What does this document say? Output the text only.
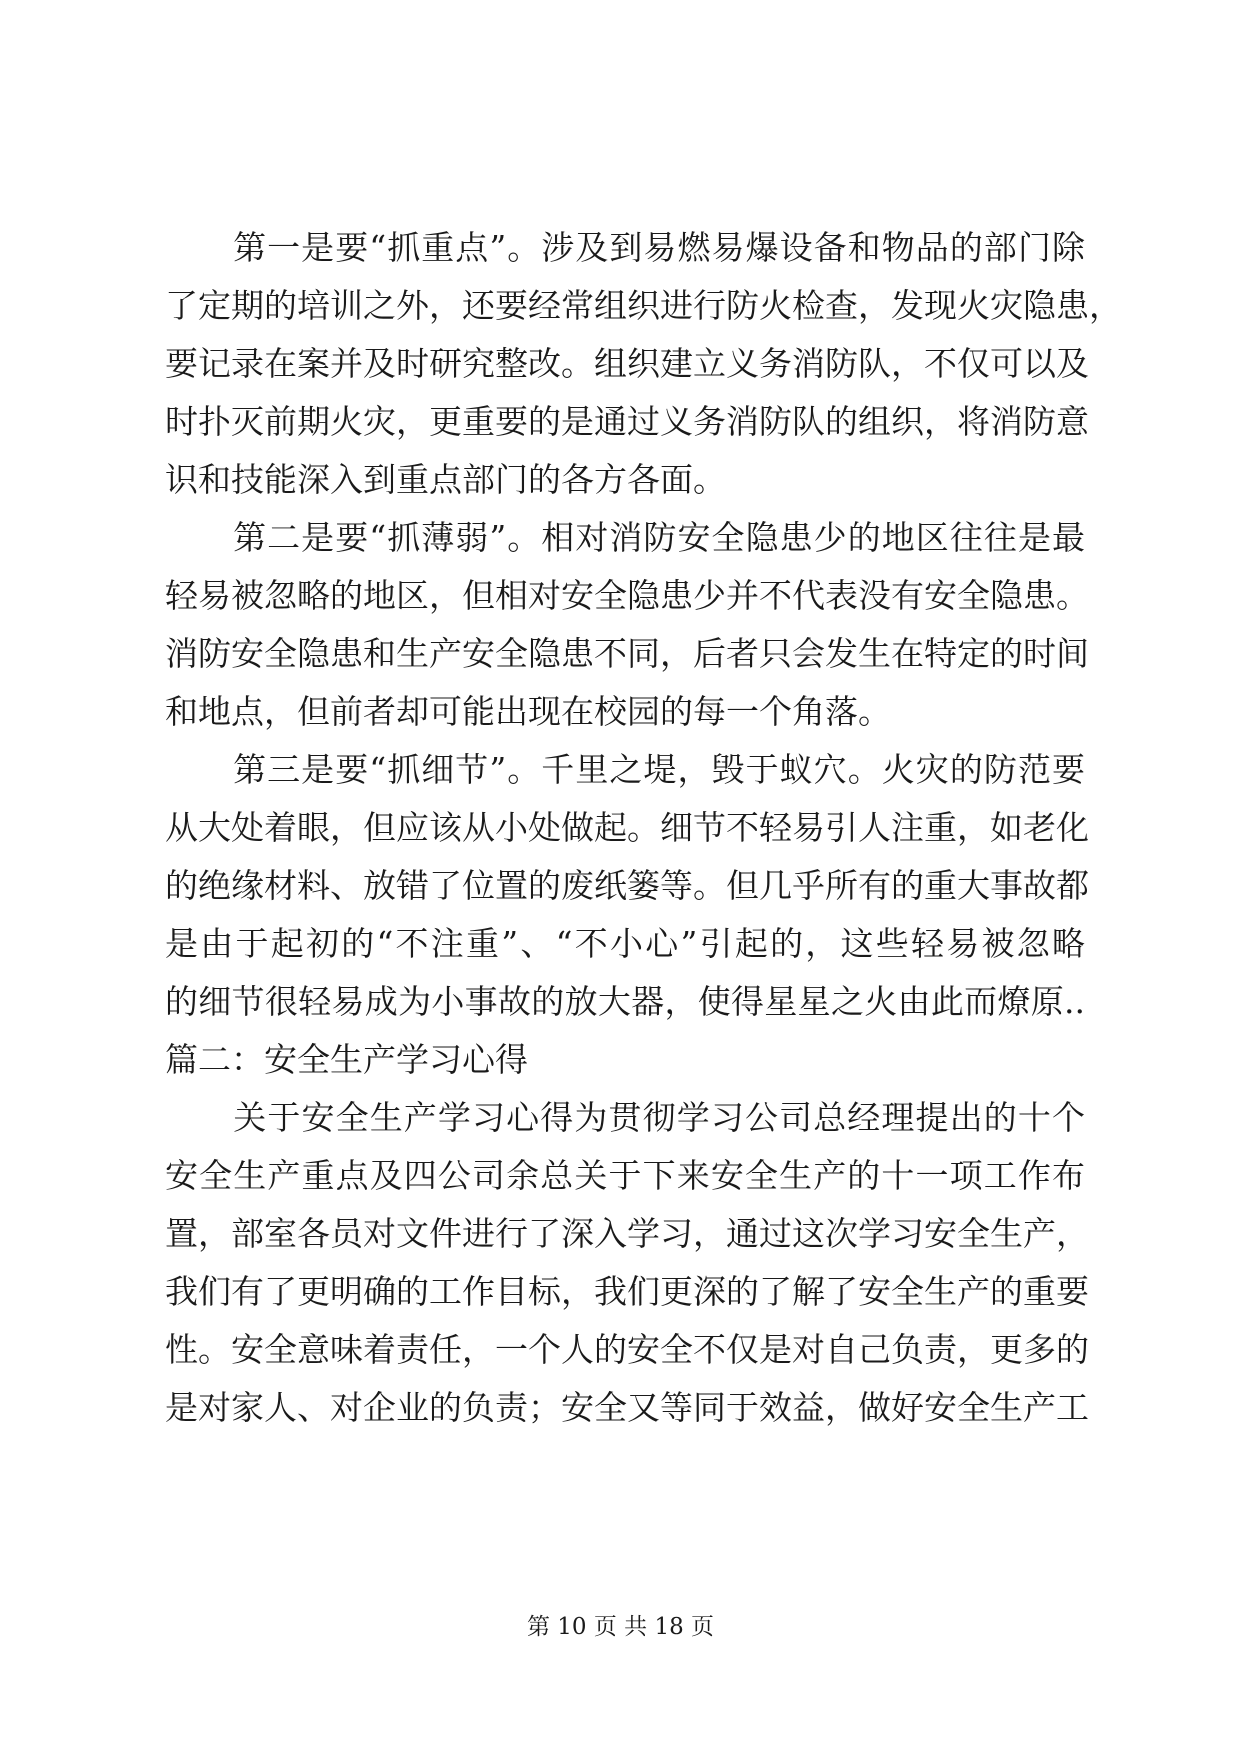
　　第一是要“抓重点”。涉及到易燃易爆设备和物品的部门除
了定期的培训之外，还要经常组织进行防火检查，发现火灾隐患，
要记录在案并及时研究整改。组织建立义务消防队，不仅可以及
时扑灭前期火灾，更重要的是通过义务消防队的组织，将消防意
识和技能深入到重点部门的各方各面。
　　第二是要“抓薄弱”。相对消防安全隐患少的地区往往是最
轻易被忽略的地区，但相对安全隐患少并不代表没有安全隐患。
消防安全隐患和生产安全隐患不同，后者只会发生在特定的时间
和地点，但前者却可能出现在校园的每一个角落。
　　第三是要“抓细节”。千里之堤，毁于蚁穴。火灾的防范要
从大处着眼，但应该从小处做起。细节不轻易引人注重，如老化
的绝缘材料、放错了位置的废纸篓等。但几乎所有的重大事故都
是由于起初的“不注重”、“不小心”引起的，这些轻易被忽略
的细节很轻易成为小事故的放大器，使得星星之火由此而燎原..
篇二：安全生产学习心得
　　关于安全生产学习心得为贯彻学习公司总经理提出的十个
安全生产重点及四公司余总关于下来安全生产的十一项工作布
置，部室各员对文件进行了深入学习，通过这次学习安全生产，
我们有了更明确的工作目标，我们更深的了解了安全生产的重要
性。安全意味着责任，一个人的安全不仅是对自己负责，更多的
是对家人、对企业的负责；安全又等同于效益，做好安全生产工
第 10 页 共 18 页
